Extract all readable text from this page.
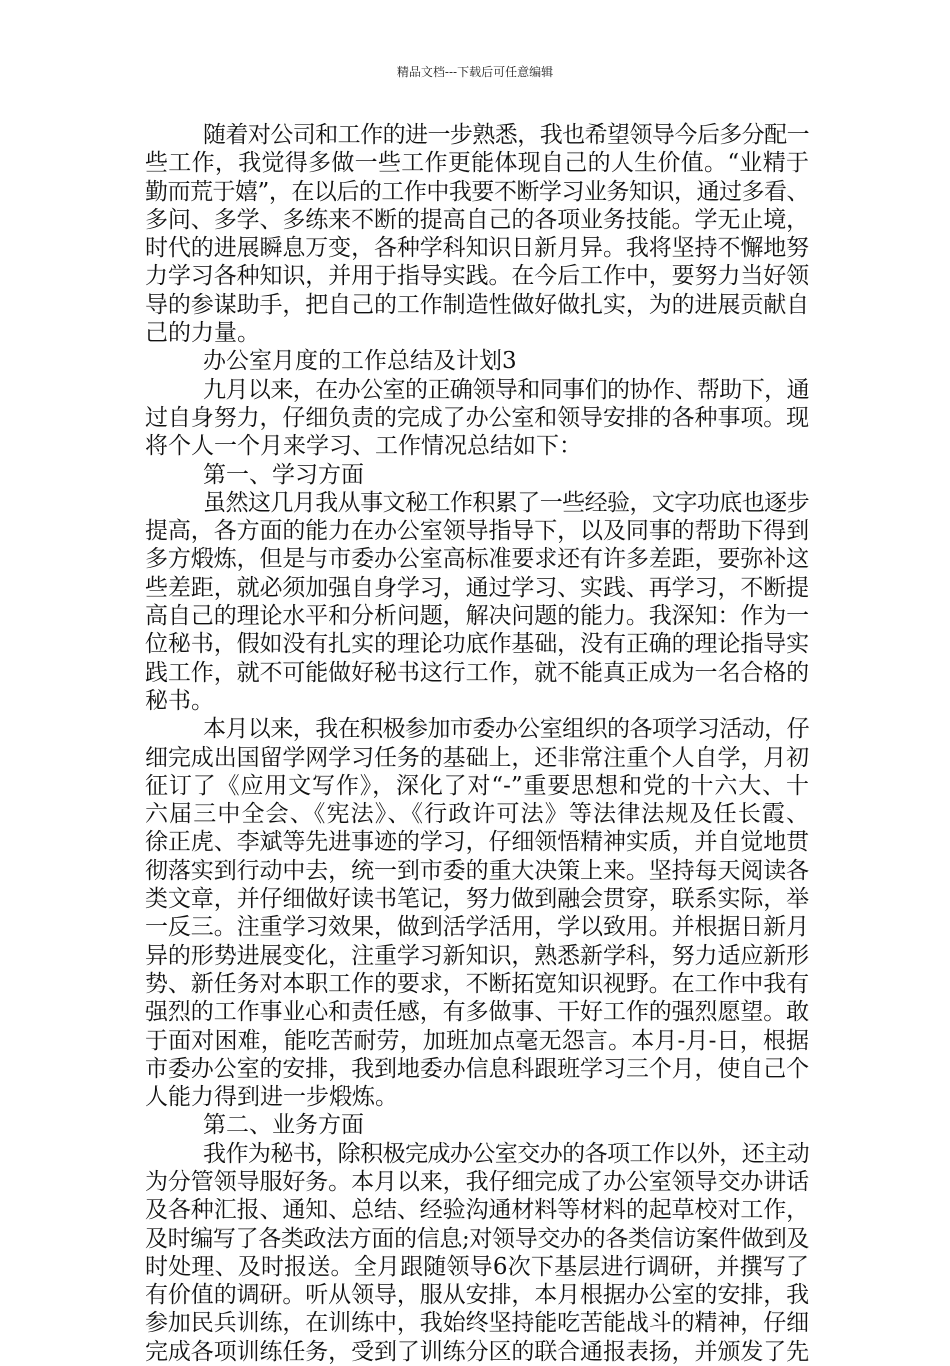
精品文档---下载后可任意编辑
随着对公司和工作的进一步熟悉，我也希望领导今后多分配一
些工作，我觉得多做一些工作更能体现自己的人生价值。“业精于
勤而荒于嬉”，在以后的工作中我要不断学习业务知识，通过多看、
多问、多学、多练来不断的提高自己的各项业务技能。学无止境，
时代的进展瞬息万变，各种学科知识日新月异。我将坚持不懈地努
力学习各种知识，并用于指导实践。在今后工作中，要努力当好领
导的参谋助手，把自己的工作制造性做好做扎实，为的进展贡献自
己的力量。
办公室月度的工作总结及计划3
九月以来，在办公室的正确领导和同事们的协作、帮助下，通
过自身努力，仔细负责的完成了办公室和领导安排的各种事项。现
将个人一个月来学习、工作情况总结如下：
第一、学习方面
虽然这几月我从事文秘工作积累了一些经验，文字功底也逐步
提高，各方面的能力在办公室领导指导下，以及同事的帮助下得到
多方煅炼，但是与市委办公室高标准要求还有许多差距，要弥补这
些差距，就必须加强自身学习，通过学习、实践、再学习，不断提
高自己的理论水平和分析问题，解决问题的能力。我深知：作为一
位秘书，假如没有扎实的理论功底作基础，没有正确的理论指导实
践工作，就不可能做好秘书这行工作，就不能真正成为一名合格的
秘书。
本月以来，我在积极参加市委办公室组织的各项学习活动，仔
细完成出国留学网学习任务的基础上，还非常注重个人自学，月初
征订了《应用文写作》，深化了对“-”重要思想和党的十六大、十
六届三中全会、《宪法》、《行政许可法》等法律法规及任长霞、
徐正虎、李斌等先进事迹的学习，仔细领悟精神实质，并自觉地贯
彻落实到行动中去，统一到市委的重大决策上来。坚持每天阅读各
类文章，并仔细做好读书笔记，努力做到融会贯穿，联系实际，举
一反三。注重学习效果，做到活学活用，学以致用。并根据日新月
异的形势进展变化，注重学习新知识，熟悉新学科，努力适应新形
势、新任务对本职工作的要求，不断拓宽知识视野。在工作中我有
强烈的工作事业心和责任感，有多做事、干好工作的强烈愿望。敢
于面对困难，能吃苦耐劳，加班加点毫无怨言。本月-月-日，根据
市委办公室的安排，我到地委办信息科跟班学习三个月，使自己个
人能力得到进一步煅炼。
第二、业务方面
我作为秘书，除积极完成办公室交办的各项工作以外，还主动
为分管领导服好务。本月以来，我仔细完成了办公室领导交办讲话
及各种汇报、通知、总结、经验沟通材料等材料的起草校对工作，
及时编写了各类政法方面的信息;对领导交办的各类信访案件做到及
时处理、及时报送。全月跟随领导6次下基层进行调研，并撰写了
有价值的调研。听从领导，服从安排，本月根据办公室的安排，我
参加民兵训练，在训练中，我始终坚持能吃苦能战斗的精神，仔细
完成各项训练任务，受到了训练分区的联合通报表扬，并颁发了先
